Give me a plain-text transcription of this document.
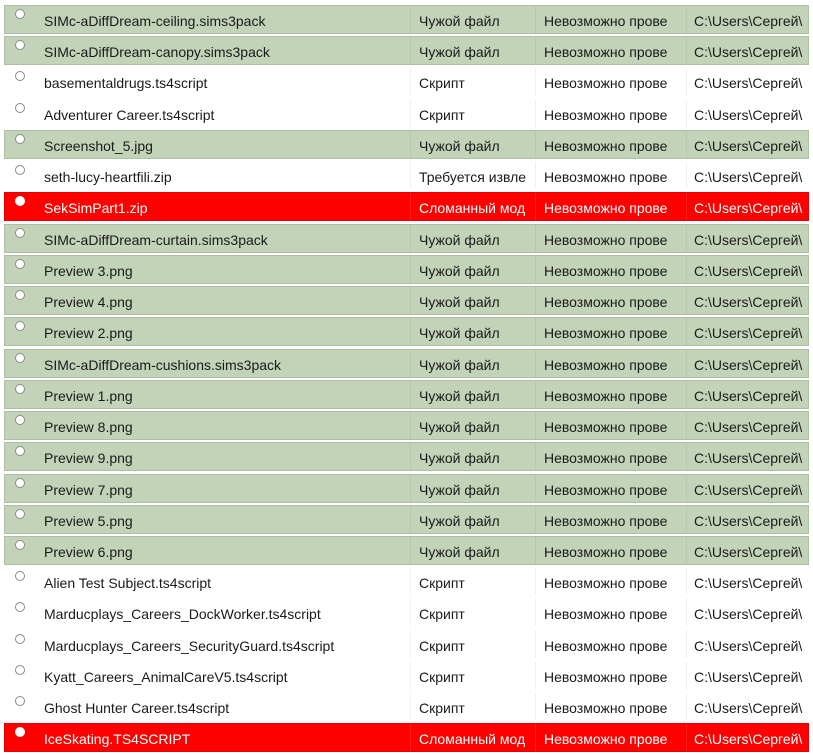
SIMc-aDiffDream-ceiling.sims3pack	Чужой файл	Невозможно прове	C:\Users\Сергей\
SIMc-aDiffDream-canopy.sims3pack	Чужой файл	Невозможно прове	C:\Users\Сергей\
basementaldrugs.ts4script	Скрипт	Невозможно прове	C:\Users\Сергей\
Adventurer Career.ts4script	Скрипт	Невозможно прове	C:\Users\Сергей\
Screenshot_5.jpg	Чужой файл	Невозможно прове	C:\Users\Сергей\
seth-lucy-heartfili.zip	Требуется извле	Невозможно прове	C:\Users\Сергей\
SekSimPart1.zip	Сломанный мод	Невозможно прове	C:\Users\Сергей\
SIMc-aDiffDream-curtain.sims3pack	Чужой файл	Невозможно прове	C:\Users\Сергей\
Preview 3.png	Чужой файл	Невозможно прове	C:\Users\Сергей\
Preview 4.png	Чужой файл	Невозможно прове	C:\Users\Сергей\
Preview 2.png	Чужой файл	Невозможно прове	C:\Users\Сергей\
SIMc-aDiffDream-cushions.sims3pack	Чужой файл	Невозможно прове	C:\Users\Сергей\
Preview 1.png	Чужой файл	Невозможно прове	C:\Users\Сергей\
Preview 8.png	Чужой файл	Невозможно прове	C:\Users\Сергей\
Preview 9.png	Чужой файл	Невозможно прове	C:\Users\Сергей\
Preview 7.png	Чужой файл	Невозможно прове	C:\Users\Сергей\
Preview 5.png	Чужой файл	Невозможно прове	C:\Users\Сергей\
Preview 6.png	Чужой файл	Невозможно прове	C:\Users\Сергей\
Alien Test Subject.ts4script	Скрипт	Невозможно прове	C:\Users\Сергей\
Marducplays_Careers_DockWorker.ts4script	Скрипт	Невозможно прове	C:\Users\Сергей\
Marducplays_Careers_SecurityGuard.ts4script	Скрипт	Невозможно прове	C:\Users\Сергей\
Kyatt_Careers_AnimalCareV5.ts4script	Скрипт	Невозможно прове	C:\Users\Сергей\
Ghost Hunter Career.ts4script	Скрипт	Невозможно прове	C:\Users\Сергей\
IceSkating.TS4SCRIPT	Сломанный мод	Невозможно прове	C:\Users\Сергей\
